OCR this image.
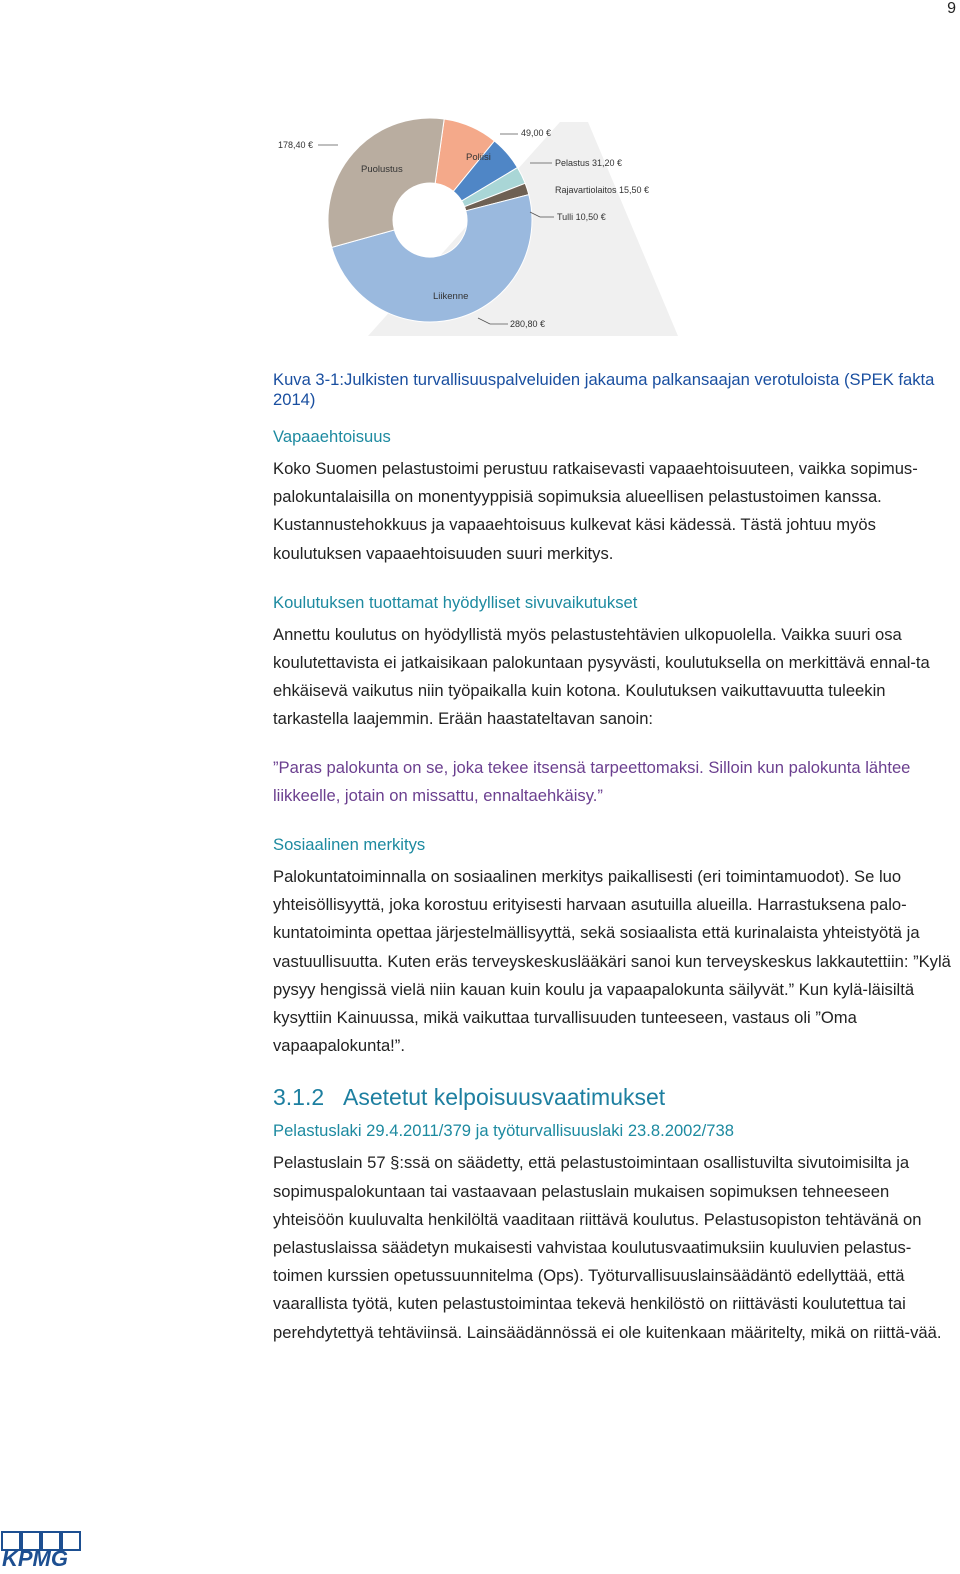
9
Puolustus
Poliisi
Liikenne
178,40 €
49,00 €
Pelastus 31,20 €
Rajavartiolaitos 15,50 €
Tulli 10,50 €
280,80 €
Kuva 3-1:Julkisten turvallisuuspalveluiden jakauma palkansaajan verotuloista (SPEK fakta 2014)
Vapaaehtoisuus

Koko Suomen pelastustoimi perustuu ratkaisevasti vapaaehtoisuuteen, vaikka sopimus-palokuntalaisilla on monentyyppisiä sopimuksia alueellisen pelastustoimen kanssa. Kustannustehokkuus ja vapaaehtoisuus kulkevat käsi kädessä. Tästä johtuu myös koulutuksen vapaaehtoisuuden suuri merkitys.

Koulutuksen tuottamat hyödylliset sivuvaikutukset

Annettu koulutus on hyödyllistä myös pelastustehtävien ulkopuolella. Vaikka suuri osa koulutettavista ei jatkaisikaan palokuntaan pysyvästi, koulutuksella on merkittävä ennal-ta ehkäisevä vaikutus niin työpaikalla kuin kotona. Koulutuksen vaikuttavuutta tuleekin tarkastella laajemmin. Erään haastateltavan sanoin:

”Paras palokunta on se, joka tekee itsensä tarpeettomaksi. Silloin kun palokunta lähtee liikkeelle, jotain on missattu, ennaltaehkäisy.”

Sosiaalinen merkitys

Palokuntatoiminnalla on sosiaalinen merkitys paikallisesti (eri toimintamuodot). Se luo yhteisöllisyyttä, joka korostuu erityisesti harvaan asutuilla alueilla. Harrastuksena palo-kuntatoiminta opettaa järjestelmällisyyttä, sekä sosiaalista että kurinalaista yhteistyötä ja vastuullisuutta. Kuten eräs terveyskeskuslääkäri sanoi kun terveyskeskus lakkautettiin: ”Kylä pysyy hengissä vielä niin kauan kuin koulu ja vapaapalokunta säilyvät.” Kun kylä-läisiltä kysyttiin Kainuussa, mikä vaikuttaa turvallisuuden tunteeseen, vastaus oli ”Oma vapaapalokunta!”.

3.1.2 Asetetut kelpoisuusvaatimukset
Pelastuslaki 29.4.2011/379 ja työturvallisuuslaki 23.8.2002/738

Pelastuslain 57 §:ssä on säädetty, että pelastustoimintaan osallistuvilta sivutoimisilta ja sopimuspalokuntaan tai vastaavaan pelastuslain mukaisen sopimuksen tehneeseen yhteisöön kuuluvalta henkilöltä vaaditaan riittävä koulutus. Pelastusopiston tehtävänä on pelastuslaissa säädetyn mukaisesti vahvistaa koulutusvaatimuksiin kuuluvien pelastus-toimen kurssien opetussuunnitelma (Ops). Työturvallisuuslainsäädäntö edellyttää, että vaarallista työtä, kuten pelastustoimintaa tekevä henkilöstö on riittävästi koulutettua tai perehdytettyä tehtäviinsä. Lainsäädännössä ei ole kuitenkaan määritelty, mikä on riittä-vää.

KPMG
